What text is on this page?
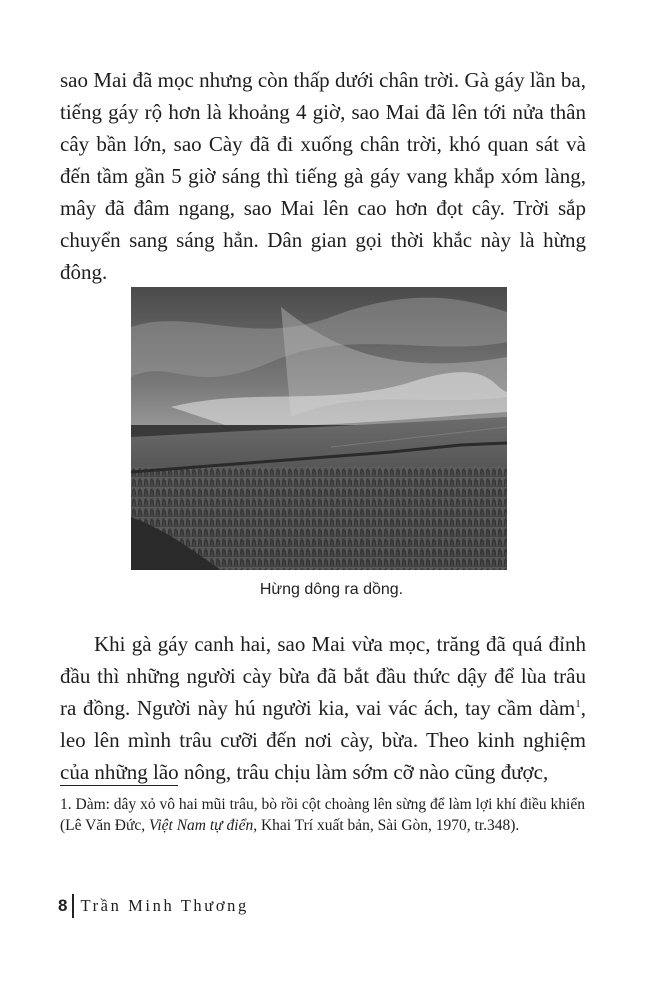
sao Mai đã mọc nhưng còn thấp dưới chân trời. Gà gáy lần ba, tiếng gáy rộ hơn là khoảng 4 giờ, sao Mai đã lên tới nửa thân cây bần lớn, sao Cày đã đi xuống chân trời, khó quan sát và đến tầm gần 5 giờ sáng thì tiếng gà gáy vang khắp xóm làng, mây đã đâm ngang, sao Mai lên cao hơn đọt cây. Trời sắp chuyển sang sáng hẳn. Dân gian gọi thời khắc này là hừng đông.

Hừng dông ra dồng.

Khi gà gáy canh hai, sao Mai vừa mọc, trăng đã quá đỉnh đầu thì những người cày bừa đã bắt đầu thức dậy để lùa trâu ra đồng. Người này hú người kia, vai vác ách, tay cầm dàm$^1$, leo lên mình trâu cưỡi đến nơi cày, bừa. Theo kinh nghiệm của những lão nông, trâu chịu làm sớm cỡ nào cũng được,

1. Dàm: dây xỏ vô hai mũi trâu, bò rồi cột choàng lên sừng để làm lợi khí điều khiển (Lê Văn Đức, Việt Nam tự điển, Khai Trí xuất bản, Sài Gòn, 1970, tr.348).

8 Trần Minh Thương
